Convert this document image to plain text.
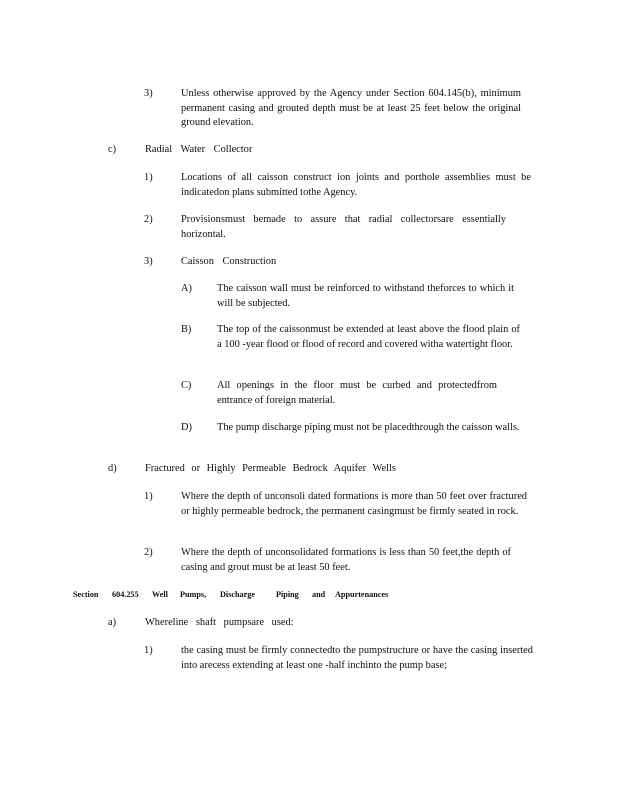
3)	Unless otherwise approved by the Agency under Section 604.145(b), minimum permanent casing and grouted depth must be at least 25 feet below the original ground elevation.
c)	Radial Water Collector
1)	Locations of all caisson construct ion joints and porthole assemblies must be indicatedon plans submitted tothe Agency.
2)	Provisionsmust bemade to assure that radial collectorsare essentially horizontal.
3)	Caisson Construction
A) The caisson wall must be reinforced to withstand theforces to which it will be subjected.
B) The top of the caissonmust be extended at least above the flood plain of a 100 -year flood or flood of record and covered witha watertight floor.
C) All openings in the floor must be curbed and protectedfrom entrance of foreign material.
D) The pump discharge piping must not be placedthrough the caisson walls.
d)	Fractured or Highly Permeable Bedrock Aquifer Wells
1)	Where the depth of unconsoli dated formations is more than 50 feet over fractured or highly permeable bedrock, the permanent casingmust be firmly seated in rock.
2)	Where the depth of unconsolidated formations is less than 50 feet,the depth of casing and grout must be at least 50 feet.
Section 604.255 Well Pumps, Discharge	Piping and Appurtenances
a)	Whereline shaft pumpsare used:
1)	the casing must be firmly connectedto the pumpstructure or have the casing inserted into arecess extending at least one -half inchinto the pump base;
